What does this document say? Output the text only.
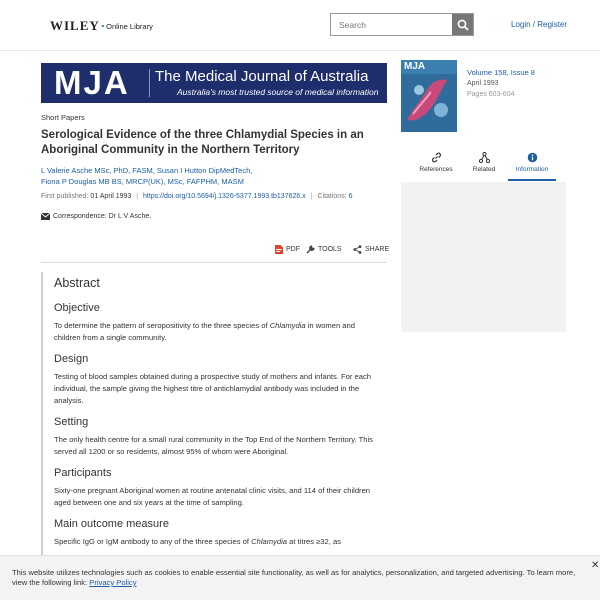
WILEY · Online Library
Search	Login / Register
MJA The Medical Journal of Australia
Australia's most trusted source of medical information
Short Papers
Serological Evidence of the three Chlamydial Species in an Aboriginal Community in the Northern Territory
L Valerie Asche MSc, PhD, FASM, Susan I Hutton DipMedTech,
Fiona P Douglas MB BS, MRCP(UK), MSc, FAFPHM, MASM
First published: 01 April 1993 | https://doi.org/10.5694/j.1326-5377.1993.tb137626.x | Citations: 6
Correspondence: Dr L V Asche.
PDF	TOOLS	SHARE
Abstract
Objective

To determine the pattern of seropositivity to the three species of Chlamydia in women and children from a single community.

Design

Testing of blood samples obtained during a prospective study of mothers and infants. For each individual, the sample giving the highest titre of antichlamydial antibody was included in the analysis.

Setting

The only health centre for a small rural community in the Top End of the Northern Territory. This served all 1200 or so residents, almost 95% of whom were Aboriginal.

Participants

Sixty-one pregnant Aboriginal women at routine antenatal clinic visits, and 114 of their children aged between one and six years at the time of sampling.

Main outcome measure

Specific IgG or IgM antibody to any of the three species of Chlamydia at titres ≥32, as

MJA
Volume 158, Issue 8
April 1993
Pages 603-604
References	Related	Information
This website utilizes technologies such as cookies to enable essential site functionality, as well as for analytics, personalization, and targeted advertising. To learn more, view the following link: Privacy Policy
✕
